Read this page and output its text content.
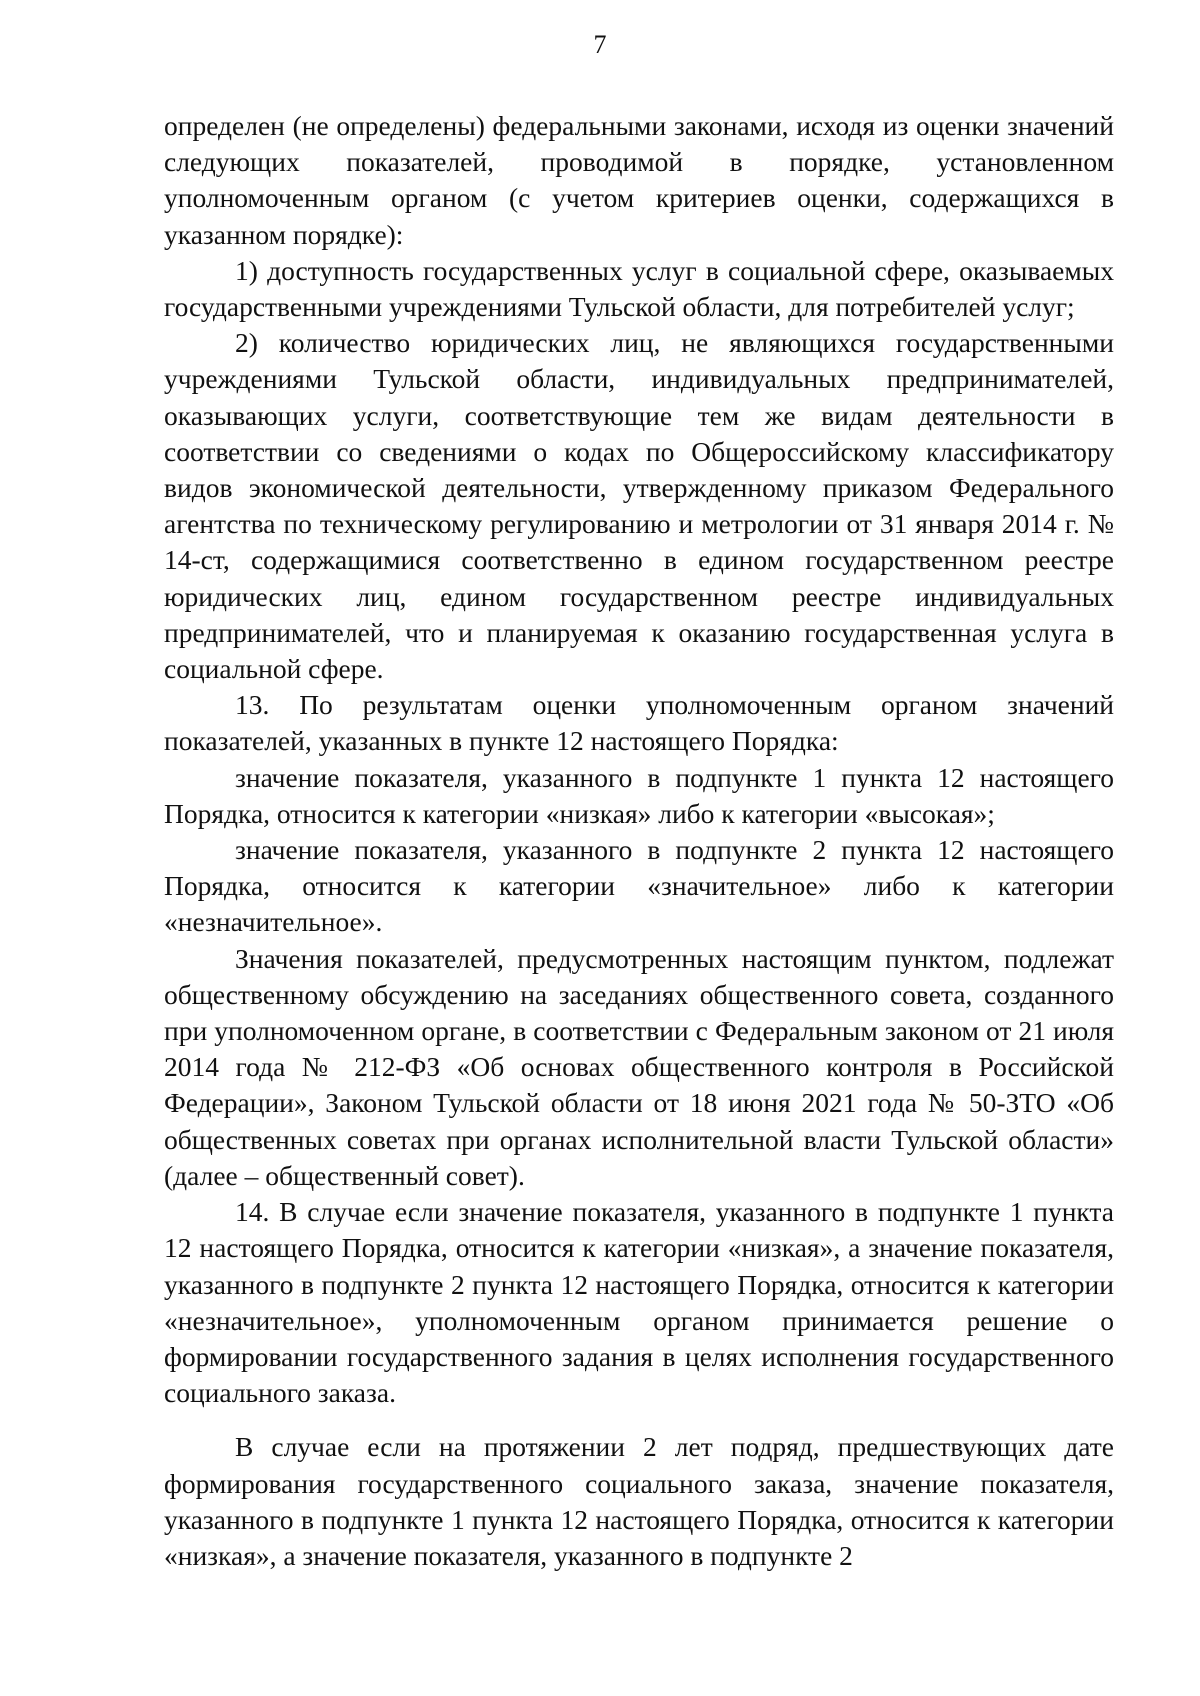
7

определен (не определены) федеральными законами, исходя из оценки значений следующих показателей, проводимой в порядке, установленном уполномоченным органом (с учетом критериев оценки, содержащихся в указанном порядке):

1) доступность государственных услуг в социальной сфере, оказываемых государственными учреждениями Тульской области, для потребителей услуг;

2) количество юридических лиц, не являющихся государственными учреждениями Тульской области, индивидуальных предпринимателей, оказывающих услуги, соответствующие тем же видам деятельности в соответствии со сведениями о кодах по Общероссийскому классификатору видов экономической деятельности, утвержденному приказом Федерального агентства по техническому регулированию и метрологии от 31 января 2014 г. № 14-ст, содержащимися соответственно в едином государственном реестре юридических лиц, едином государственном реестре индивидуальных предпринимателей, что и планируемая к оказанию государственная услуга в социальной сфере.

13. По результатам оценки уполномоченным органом значений показателей, указанных в пункте 12 настоящего Порядка:

значение показателя, указанного в подпункте 1 пункта 12 настоящего Порядка, относится к категории «низкая» либо к категории «высокая»;

значение показателя, указанного в подпункте 2 пункта 12 настоящего Порядка, относится к категории «значительное» либо к категории «незначительное».

Значения показателей, предусмотренных настоящим пунктом, подлежат общественному обсуждению на заседаниях общественного совета, созданного при уполномоченном органе, в соответствии с Федеральным законом от 21 июля 2014 года № 212-ФЗ «Об основах общественного контроля в Российской Федерации», Законом Тульской области от 18 июня 2021 года № 50-ЗТО «Об общественных советах при органах исполнительной власти Тульской области» (далее – общественный совет).

14. В случае если значение показателя, указанного в подпункте 1 пункта 12 настоящего Порядка, относится к категории «низкая», а значение показателя, указанного в подпункте 2 пункта 12 настоящего Порядка, относится к категории «незначительное», уполномоченным органом принимается решение о формировании государственного задания в целях исполнения государственного социального заказа.

В случае если на протяжении 2 лет подряд, предшествующих дате формирования государственного социального заказа, значение показателя, указанного в подпункте 1 пункта 12 настоящего Порядка, относится к категории «низкая», а значение показателя, указанного в подпункте 2
